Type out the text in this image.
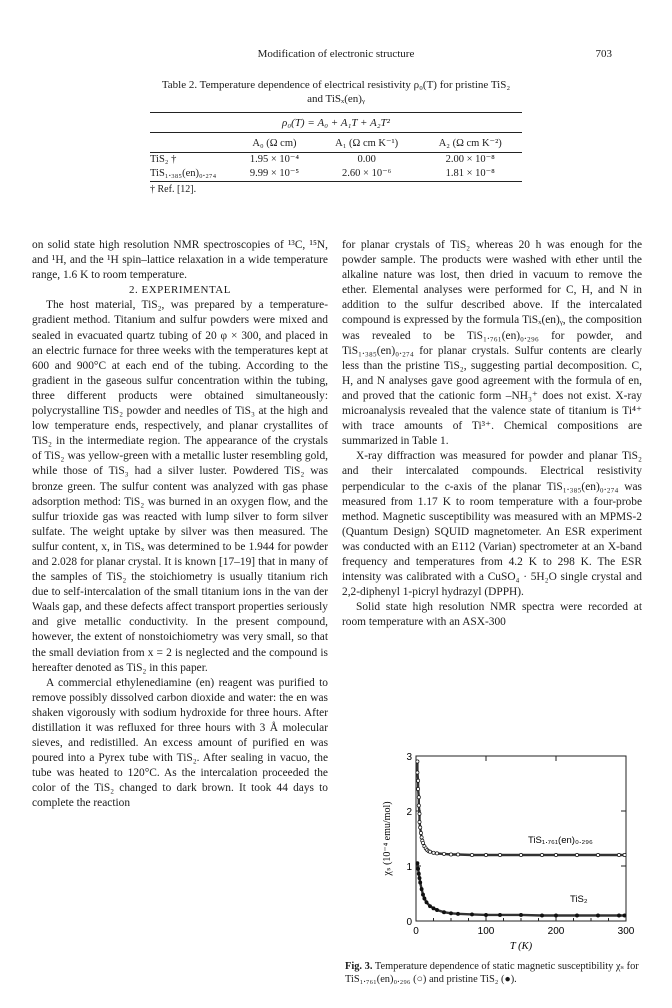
Modification of electronic structure	703
Table 2. Temperature dependence of electrical resistivity ρ₀(T) for pristine TiS₂
and TiSₓ(en)ᵧ
ρ₀(T) = A₀ + A₁T + A₂T²
	A₀ (Ω cm)	A₁ (Ω cm K⁻¹)	A₂ (Ω cm K⁻²)

TiS₂ †	1.95 × 10⁻⁴	0.00	2.00 × 10⁻⁸
TiS₁.₃₈₅(en)₀.₂₇₄	9.99 × 10⁻⁵	2.60 × 10⁻⁶	1.81 × 10⁻⁸
† Ref. [12].

on solid state high resolution NMR spectroscopies of ¹³C, ¹⁵N, and ¹H, and the ¹H spin–lattice relaxation in a wide temperature range, 1.6 K to room temperature.

2. EXPERIMENTAL

The host material, TiS₂, was prepared by a temperature-gradient method. Titanium and sulfur powders were mixed and sealed in evacuated quartz tubing of 20 φ × 300, and placed in an electric furnace for three weeks with the temperatures kept at 600 and 900°C at each end of the tubing. According to the gradient in the gaseous sulfur concentration within the tubing, three different products were obtained simultaneously: polycrystalline TiS₂ powder and needles of TiS₃ at the high and low temperature ends, respectively, and planar crystallites of TiS₂ in the intermediate region. The appearance of the crystals of TiS₂ was yellow-green with a metallic luster resembling gold, while those of TiS₃ had a silver luster. Powdered TiS₂ was bronze green. The sulfur content was analyzed with gas phase adsorption method: TiS₂ was burned in an oxygen flow, and the sulfur trioxide gas was reacted with lump silver to form silver sulfate. The weight uptake by silver was then measured. The sulfur content, x, in TiSₓ was determined to be 1.944 for powder and 2.028 for planar crystal. It is known [17–19] that in many of the samples of TiS₂ the stoichiometry is usually titanium rich due to self-intercalation of the small titanium ions in the van der Waals gap, and these defects affect transport properties seriously and give metallic conductivity. In the present compound, however, the extent of nonstoichiometry was very small, so that the small deviation from x = 2 is neglected and the compound is hereafter denoted as TiS₂ in this paper.

A commercial ethylenediamine (en) reagent was purified to remove possibly dissolved carbon dioxide and water: the en was shaken vigorously with sodium hydroxide for three hours. After distillation it was refluxed for three hours with 3 Å molecular sieves, and redistilled. An excess amount of purified en was poured into a Pyrex tube with TiS₂. After sealing in vacuo, the tube was heated to 120°C. As the intercalation proceeded the color of the TiS₂ changed to dark brown. It took 44 days to complete the reaction

for planar crystals of TiS₂ whereas 20 h was enough for the powder sample. The products were washed with ether until the alkaline nature was lost, then dried in vacuum to remove the ether. Elemental analyses were performed for C, H, and N in addition to the sulfur described above. If the intercalated compound is expressed by the formula TiSₓ(en)ᵧ, the composition was revealed to be TiS₁.₇₆₁(en)₀.₂₉₆ for powder, and TiS₁.₃₈₅(en)₀.₂₇₄ for planar crystals. Sulfur contents are clearly less than the pristine TiS₂, suggesting partial decomposition. C, H, and N analyses gave good agreement with the formula of en, and proved that the cationic form –NH₃⁺ does not exist. X-ray microanalysis revealed that the valence state of titanium is Ti⁴⁺ with trace amounts of Ti³⁺. Chemical compositions are summarized in Table 1.

X-ray diffraction was measured for powder and planar TiS₂ and their intercalated compounds. Electrical resistivity perpendicular to the c-axis of the planar TiS₁.₃₈₅(en)₀.₂₇₄ was measured from 1.17 K to room temperature with a four-probe method. Magnetic susceptibility was measured with an MPMS-2 (Quantum Design) SQUID magnetometer. An ESR experiment was conducted with an E112 (Varian) spectrometer at an X-band frequency and temperatures from 4.2 K to 298 K. The ESR intensity was calibrated with a CuSO₄ · 5H₂O single crystal and 2,2-diphenyl 1-picryl hydrazyl (DPPH).

Solid state high resolution NMR spectra were recorded at room temperature with an ASX-300

0	100	200	300
0
1
2
3
T (K)
χₛ (10⁻⁴ emu/mol)	TiS₁.₇₆₁(en)₀.₂₉₆
TiS₂
Fig. 3. Temperature dependence of static magnetic susceptibility χₛ for TiS₁.₇₆₁(en)₀.₂₉₆ (○) and pristine TiS₂ (●).
